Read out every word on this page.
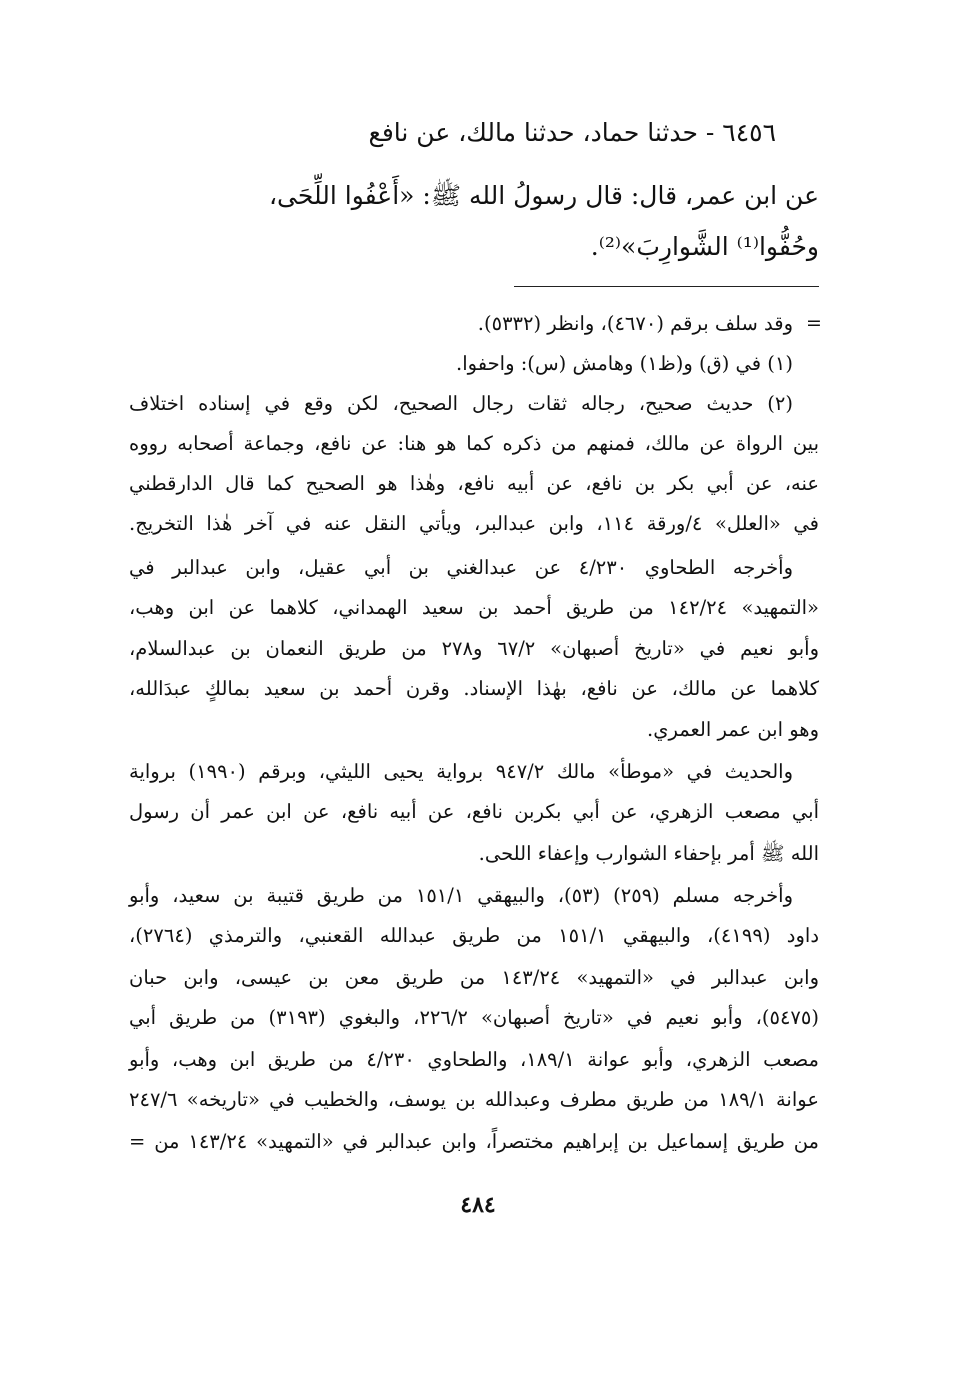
٦٤٥٦ - حدثنا حماد، حدثنا مالك، عن نافع
عن ابن عمر، قال: قال رسولُ الله ﷺ: «أَعْفُوا اللِّحَى،
وحُفُّوا⁽¹⁾ الشَّوارِبَ»⁽²⁾.
=
وقد سلف برقم (٤٦٧٠)، وانظر (٥٣٣٢).
(١) في (ق) و(ظ١) وهامش (س): واحفوا.
(٢) حديث صحيح، رجاله ثقات رجال الصحيح، لكن وقع في إسناده اختلاف
بين الرواة عن مالك، فمنهم من ذكره كما هو هنا: عن نافع، وجماعة أصحابه رووه
عنه، عن أبي بكر بن نافع، عن أبيه نافع، وهٰذا هو الصحيح كما قال الدارقطني
في «العلل» ٤/ورقة ١١٤، وابن عبدالبر، ويأتي النقل عنه في آخر هٰذا التخريج.
وأخرجه الطحاوي ٤/٢٣٠ عن عبدالغني بن أبي عقيل، وابن عبدالبر في
«التمهيد» ١٤٢/٢٤ من طريق أحمد بن سعيد الهمداني، كلاهما عن ابن وهب،
وأبو نعيم في «تاريخ أصبهان» ٦٧/٢ و٢٧٨ من طريق النعمان بن عبدالسلام،
كلاهما عن مالك، عن نافع، بهٰذا الإسناد. وقرن أحمد بن سعيد بمالكٍ عبدَالله،
وهو ابن عمر العمري.
والحديث في «موطأ» مالك ٩٤٧/٢ برواية يحيى الليثي، وبرقم (١٩٩٠) برواية
أبي مصعب الزهري، عن أبي بكربن نافع، عن أبيه نافع، عن ابن عمر أن رسول
الله ﷺ أمر بإحفاء الشوارب وإعفاء اللحى.
وأخرجه مسلم (٢٥٩) (٥٣)، والبيهقي ١٥١/١ من طريق قتيبة بن سعيد، وأبو
داود (٤١٩٩)، والبيهقي ١٥١/١ من طريق عبدالله القعنبي، والترمذي (٢٧٦٤)،
وابن عبدالبر في «التمهيد» ١٤٣/٢٤ من طريق معن بن عيسى، وابن حبان
(٥٤٧٥)، وأبو نعيم في «تاريخ أصبهان» ٢٢٦/٢، والبغوي (٣١٩٣) من طريق أبي
مصعب الزهري، وأبو عوانة ١٨٩/١، والطحاوي ٤/٢٣٠ من طريق ابن وهب، وأبو
عوانة ١٨٩/١ من طريق مطرف وعبدالله بن يوسف، والخطيب في «تاريخه» ٢٤٧/٦
من طريق إسماعيل بن إبراهيم مختصراً، وابن عبدالبر في «التمهيد» ١٤٣/٢٤ من =
٤٨٤
